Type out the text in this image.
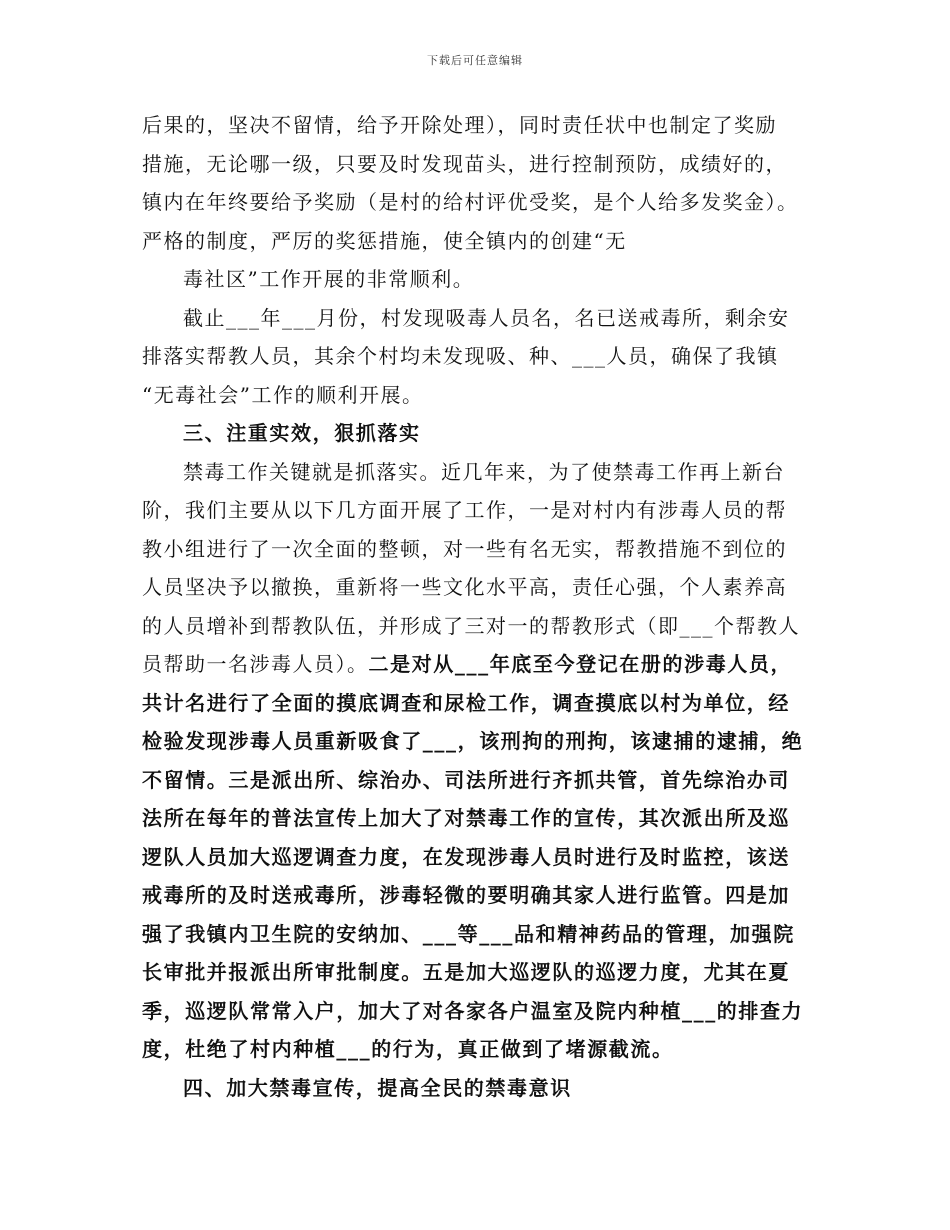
下载后可任意编辑
后果的，坚决不留情，给予开除处理），同时责任状中也制定了奖励
措施，无论哪一级，只要及时发现苗头，进行控制预防，成绩好的，
镇内在年终要给予奖励（是村的给村评优受奖，是个人给多发奖金）。
严格的制度，严厉的奖惩措施，使全镇内的创建“无
毒社区”工作开展的非常顺利。
截止___年___月份，村发现吸毒人员名，名已送戒毒所，剩余安
排落实帮教人员，其余个村均未发现吸、种、___人员，确保了我镇
“无毒社会”工作的顺利开展。
三、注重实效，狠抓落实
禁毒工作关键就是抓落实。近几年来，为了使禁毒工作再上新台
阶，我们主要从以下几方面开展了工作，一是对村内有涉毒人员的帮
教小组进行了一次全面的整顿，对一些有名无实，帮教措施不到位的
人员坚决予以撤换，重新将一些文化水平高，责任心强，个人素养高
的人员增补到帮教队伍，并形成了三对一的帮教形式（即___个帮教人
员帮助一名涉毒人员）。二是对从___年底至今登记在册的涉毒人员，
共计名进行了全面的摸底调查和尿检工作，调查摸底以村为单位，经
检验发现涉毒人员重新吸食了___，该刑拘的刑拘，该逮捕的逮捕，绝
不留情。三是派出所、综治办、司法所进行齐抓共管，首先综治办司
法所在每年的普法宣传上加大了对禁毒工作的宣传，其次派出所及巡
逻队人员加大巡逻调查力度，在发现涉毒人员时进行及时监控，该送
戒毒所的及时送戒毒所，涉毒轻微的要明确其家人进行监管。四是加
强了我镇内卫生院的安纳加、___等___品和精神药品的管理，加强院
长审批并报派出所审批制度。五是加大巡逻队的巡逻力度，尤其在夏
季，巡逻队常常入户，加大了对各家各户温室及院内种植___的排查力
度，杜绝了村内种植___的行为，真正做到了堵源截流。
四、加大禁毒宣传，提高全民的禁毒意识
